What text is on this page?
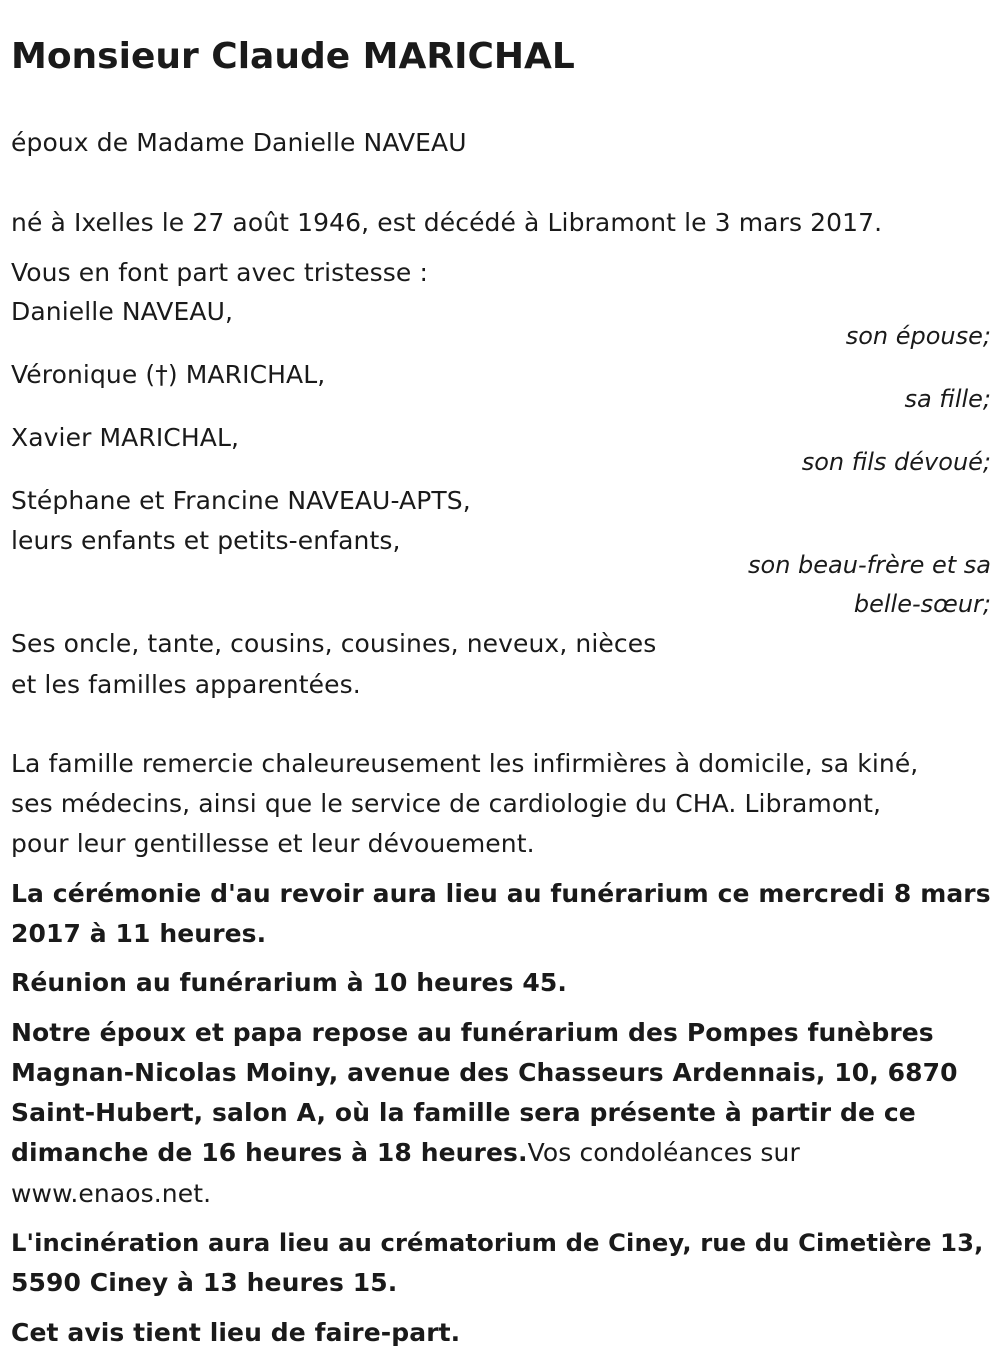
Monsieur Claude MARICHAL
époux de Madame Danielle NAVEAU
né à Ixelles le 27 août 1946, est décédé à Libramont le 3 mars 2017.
Vous en font part avec tristesse :
Danielle NAVEAU,
son épouse;
Véronique (†) MARICHAL,
sa fille;
Xavier MARICHAL,
son fils dévoué;
Stéphane et Francine NAVEAU-APTS,
leurs enfants et petits-enfants,
son beau-frère et sa
belle-sœur;
Ses oncle, tante, cousins, cousines, neveux, nièces
et les familles apparentées.
La famille remercie chaleureusement les infirmières à domicile, sa kiné,
ses médecins, ainsi que le service de cardiologie du CHA. Libramont,
pour leur gentillesse et leur dévouement.
La cérémonie d'au revoir aura lieu au funérarium ce mercredi 8 mars
2017 à 11 heures.
Réunion au funérarium à 10 heures 45.
Notre époux et papa repose au funérarium des Pompes funèbres
Magnan-Nicolas Moiny, avenue des Chasseurs Ardennais, 10, 6870
Saint-Hubert, salon A, où la famille sera présente à partir de ce
dimanche de 16 heures à 18 heures.Vos condoléances sur
www.enaos.net.
L'incinération aura lieu au crématorium de Ciney, rue du Cimetière 13,
5590 Ciney à 13 heures 15.
Cet avis tient lieu de faire-part.
